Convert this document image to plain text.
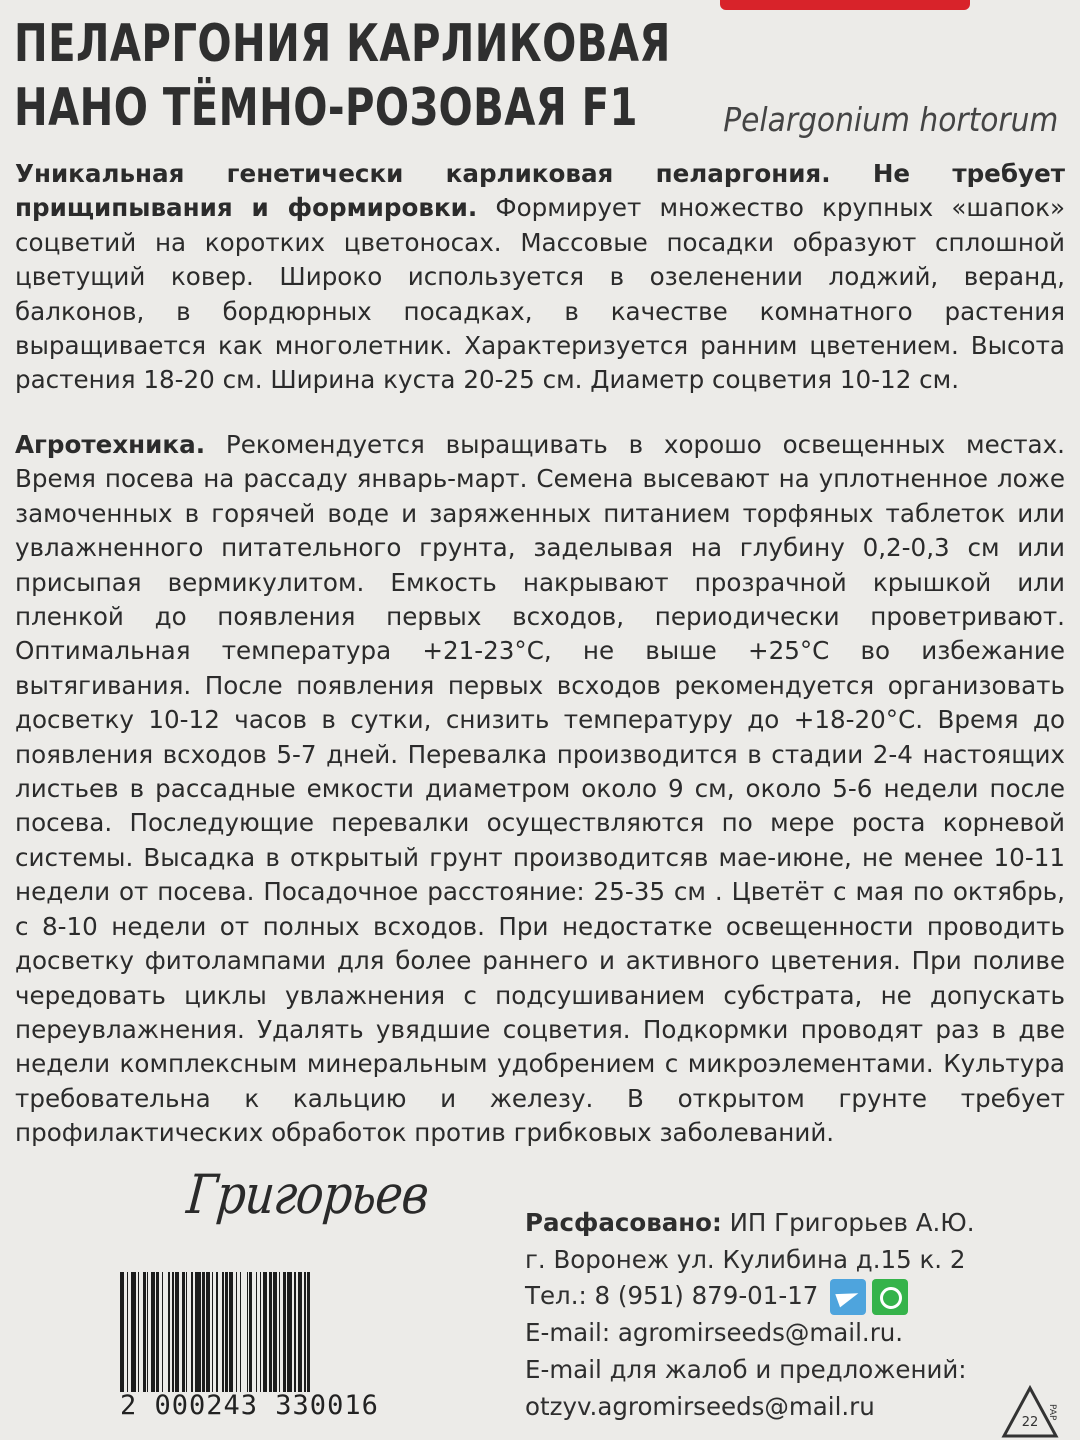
ПЕЛАРГОНИЯ КАРЛИКОВАЯ
НАНО ТЁМНО-РОЗОВАЯ F1	Pelargonium hortorum

Уникальная генетически карликовая пеларгония. Не требует прищипывания и формировки. Формирует множество крупных «шапок» соцветий на коротких цветоносах. Массовые посадки образуют сплошной цветущий ковер. Широко используется в озеленении лоджий, веранд, балконов, в бордюрных посадках, в качестве комнатного растения выращивается как многолетник. Характеризуется ранним цветением. Высота растения 18-20 см. Ширина куста 20-25 см. Диаметр соцветия 10-12 см.

Агротехника. Рекомендуется выращивать в хорошо освещенных местах. Время посева на рассаду январь-март. Семена высевают на уплотненное ложе замоченных в горячей воде и заряженных питанием торфяных таблеток или увлажненного питательного грунта, заделывая на глубину 0,2-0,3 см или присыпая вермикулитом. Емкость накрывают прозрачной крышкой или пленкой до появления первых всходов, периодически проветривают. Оптимальная температура +21-23°С, не выше +25°С во избежание вытягивания. После появления первых всходов рекомендуется организовать досветку 10-12 часов в сутки, снизить температуру до +18-20°С. Время до появления всходов 5-7 дней. Перевалка производится в стадии 2-4 настоящих листьев в рассадные емкости диаметром около 9 см, около 5-6 недели после посева. Последующие перевалки осуществляются по мере роста корневой системы. Высадка в открытый грунт производитсяв мае-июне, не менее 10-11 недели от посева. Посадочное расстояние: 25-35 см . Цветёт с мая по октябрь, с 8-10 недели от полных всходов. При недостатке освещенности проводить досветку фитолампами для более раннего и активного цветения. При поливе чередовать циклы увлажнения с подсушиванием субстрата, не допускать переувлажнения. Удалять увядшие соцветия. Подкормки проводят раз в две недели комплексным минеральным удобрением с микроэлементами. Культура требовательна к кальцию и железу. В открытом грунте требует профилактических обработок против грибковых заболеваний.

Григорьев
2 000243 330016
Расфасовано: ИП Григорьев А.Ю.
г. Воронеж ул. Кулибина д.15 к. 2
Тел.: 8 (951) 879-01-17
E-mail: agromirseeds@mail.ru.
E-mail для жалоб и предложений:
otzyv.agromirseeds@mail.ru
22
PAP
